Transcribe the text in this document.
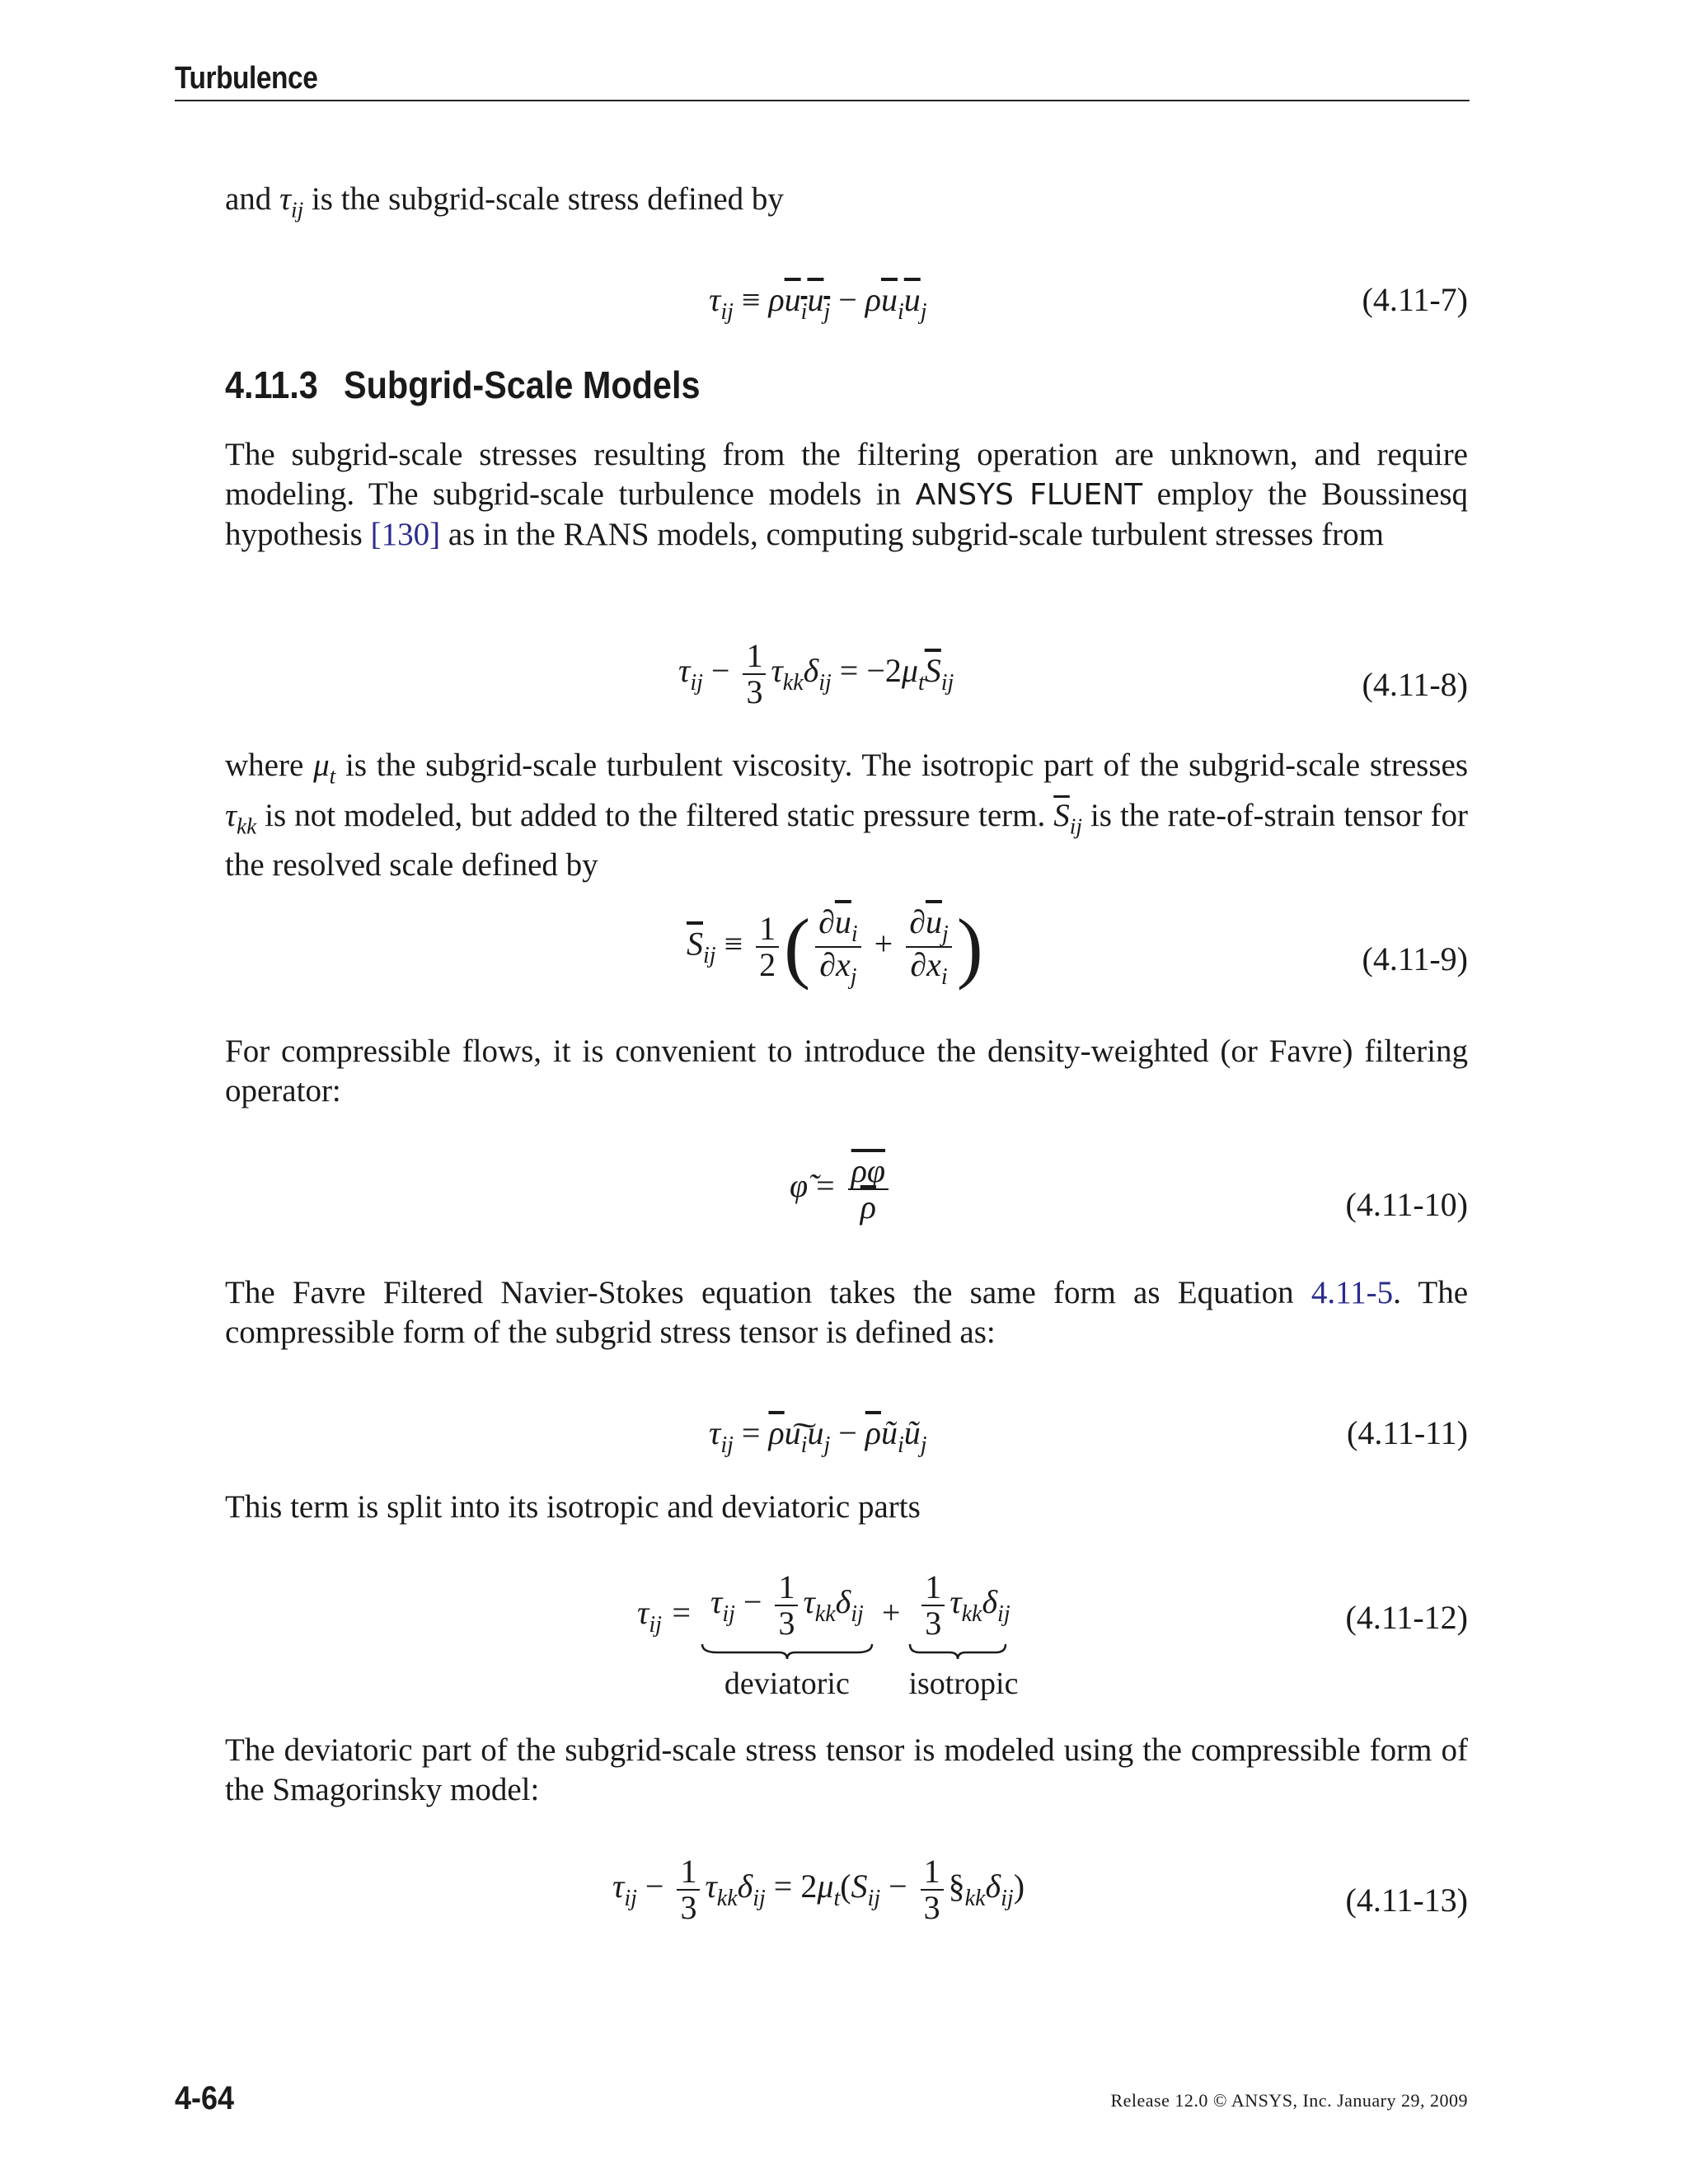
Turbulence
and $\tau_{ij}$ is the subgrid-scale stress defined by
$\tau_{ij} \equiv \rho u_iu_j - \rho\overline{u}_i\overline{u}_j$	(4.11-7)
4.11.3 Subgrid-Scale Models
The subgrid-scale stresses resulting from the filtering operation are unknown, and require modeling. The subgrid-scale turbulence models in ANSYS FLUENT employ the Boussinesq hypothesis [130] as in the RANS models, computing subgrid-scale turbulent stresses from
$\tau_{ij} - \frac{1}{3} \tau_{kk}\delta_{ij} = -2\mu_t\overline{S}_{ij}$	(4.11-8)
where $\mu_t$ is the subgrid-scale turbulent viscosity. The isotropic part of the subgrid-scale stresses $\tau_{kk}$ is not modeled, but added to the filtered static pressure term. $\overline{S}_{ij}$ is the rate-of-strain tensor for the resolved scale defined by
$\overline{S}_{ij} \equiv \frac{1}{2}$ ( $\frac{\partial\overline{u}_i}{\partial x_j} + \frac{\partial\overline{u}_j}{\partial x_i}$ )	(4.11-9)
For compressible flows, it is convenient to introduce the density-weighted (or Favre) filtering operator:
φ̃ = $\frac{\overline{\rho\varphi}}{\rho}$	(4.11-10)
The Favre Filtered Navier-Stokes equation takes the same form as Equation 4.11-5. The compressible form of the subgrid stress tensor is defined as:
$\tau_{ij}$ = $\overline{\rho}u͠_iu_j$ − $\overline{\rho}ũ_iũ_j$	(4.11-11)
This term is split into its isotropic and deviatoric parts
$\tau_{ij} = \tau_{ij} - \frac{1}{3} \tau_{kk}\delta_{ij}$
deviatoric
+ $\frac{1}{3} \tau_{kk}\delta_{ij}$
isotropic
(4.11-12)
The deviatoric part of the subgrid-scale stress tensor is modeled using the compressible form of the Smagorinsky model:
$\tau_{ij} - \frac{1}{3} \tau_{kk}\delta_{ij} = 2\mu_t(S_{ij} - \frac{1}{3}$ $\S_{kk}\delta_{ij}$)	(4.11-13)
4-64	Release 12.0 © ANSYS, Inc. January 29, 2009
